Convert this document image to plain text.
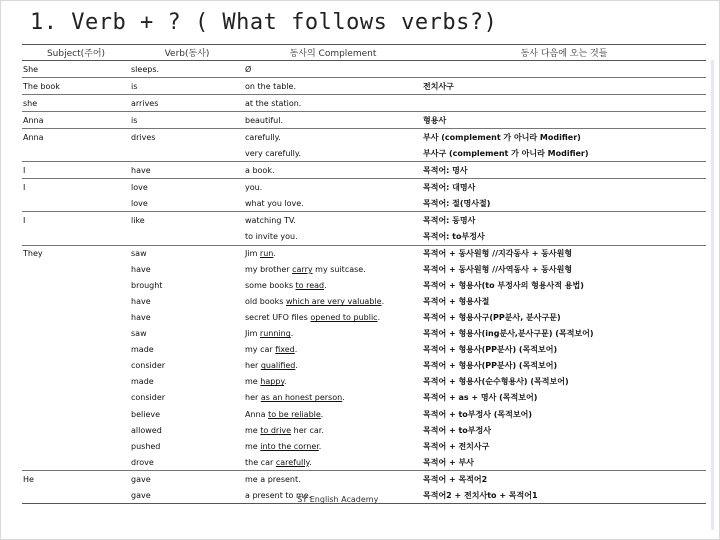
1. Verb + ? ( What follows verbs?)
Subject(주어)	Verb(동사)	동사의 Complement	동사 다음에 오는 것들
She	sleeps.	Ø	
The book	is	on the table.	전치사구
she	arrives	at the station.	
Anna	is	beautiful.	형용사
Anna	drives	carefully.	부사 (complement 가 아니라 Modifier)
		very carefully.	부사구 (complement 가 아니라 Modifier)
I	have	a book.	목적어: 명사
I	love	you.	목적어: 대명사
	love	what you love.	목적어: 절(명사절)
I	like	watching TV.	목적어: 동명사
		to invite you.	목적어: to부정사
They	saw	Jim run.	목적어 + 동사원형 //지각동사 + 동사원형
	have	my brother carry my suitcase.	목적어 + 동사원형 //사역동사 + 동사원형
	brought	some books to read.	목적어 + 형용사(to 부정사의 형용사적 용법)
	have	old books which are very valuable.	목적어 + 형용사절
	have	secret UFO files opened to public.	목적어 + 형용사구(PP분사, 분사구문)
	saw	Jim running.	목적어 + 형용사(ing분사,분사구문) (목적보어)
	made	my car fixed.	목적어 + 형용사(PP분사) (목적보어)
	consider	her qualified.	목적어 + 형용사(PP분사) (목적보어)
	made	me happy.	목적어 + 형용사(순수형용사) (목적보어)
	consider	her as an honest person.	목적어 + as + 명사 (목적보어)
	believe	Anna to be reliable.	목적어 + to부정사 (목적보어)
	allowed	me to drive her car.	목적어 + to부정사
	pushed	me into the corner.	목적어 + 전치사구
	drove	the car carefully.	목적어 + 부사
He	gave	me a present.	목적어 + 목적어2
	gave	a present to me.SY English Academy	목적어2 + 전치사to + 목적어1
